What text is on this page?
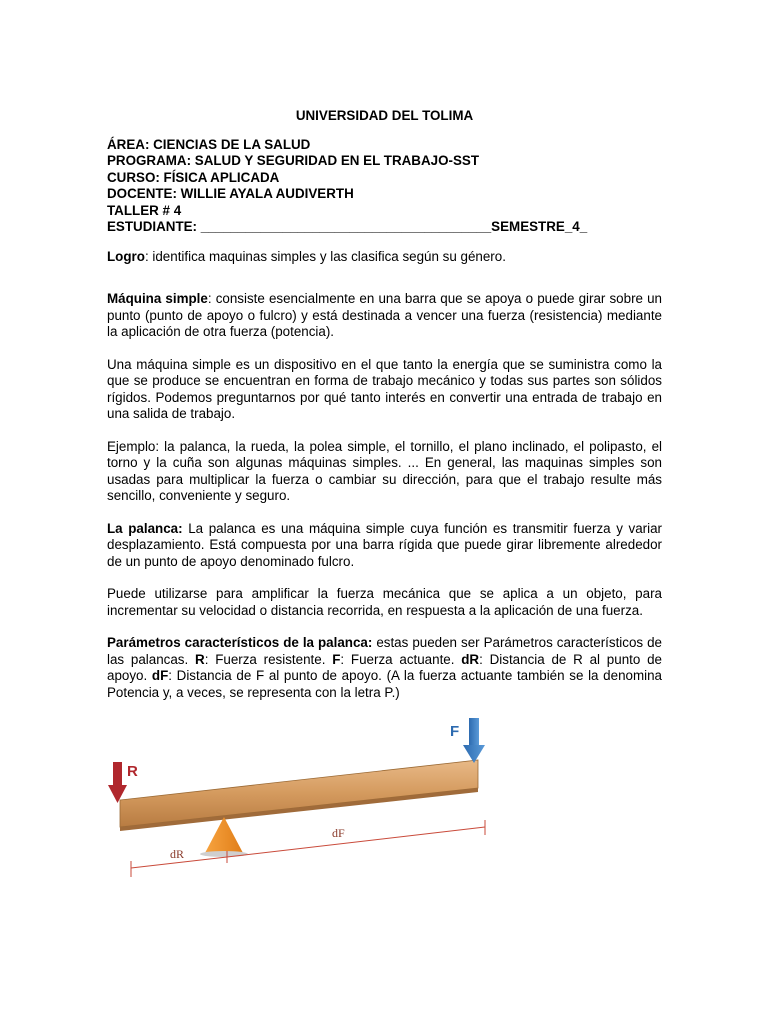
UNIVERSIDAD DEL TOLIMA

ÁREA: CIENCIAS DE LA SALUD

PROGRAMA: SALUD Y SEGURIDAD EN EL TRABAJO-SST

CURSO: FÍSICA APLICADA

DOCENTE: WILLIE AYALA AUDIVERTH

TALLER # 4

ESTUDIANTE: _______________________________________SEMESTRE_4_

Logro: identifica maquinas simples y las clasifica según su género.

Máquina simple: consiste esencialmente en una barra que se apoya o puede girar sobre un punto (punto de apoyo o fulcro) y está destinada a vencer una fuerza (resistencia) mediante la aplicación de otra fuerza (potencia).

Una máquina simple es un dispositivo en el que tanto la energía que se suministra como la que se produce se encuentran en forma de trabajo mecánico y todas sus partes son sólidos rígidos. Podemos preguntarnos por qué tanto interés en convertir una entrada de trabajo en una salida de trabajo.

Ejemplo: la palanca, la rueda, la polea simple, el tornillo, el plano inclinado, el polipasto, el torno y la cuña son algunas máquinas simples. ... En general, las maquinas simples son usadas para multiplicar la fuerza o cambiar su dirección, para que el trabajo resulte más sencillo, conveniente y seguro.

La palanca: La palanca es una máquina simple cuya función es transmitir fuerza y variar desplazamiento. Está compuesta por una barra rígida que puede girar libremente alrededor de un punto de apoyo denominado fulcro.

Puede utilizarse para amplificar la fuerza mecánica que se aplica a un objeto, para incrementar su velocidad o distancia recorrida, en respuesta a la aplicación de una fuerza.

Parámetros característicos de la palanca: estas pueden ser Parámetros característicos de las palancas. R: Fuerza resistente. F: Fuerza actuante. dR: Distancia de R al punto de apoyo. dF: Distancia de F al punto de apoyo. (A la fuerza actuante también se la denomina Potencia y, a veces, se representa con la letra P.)

R
F
dR
dF
